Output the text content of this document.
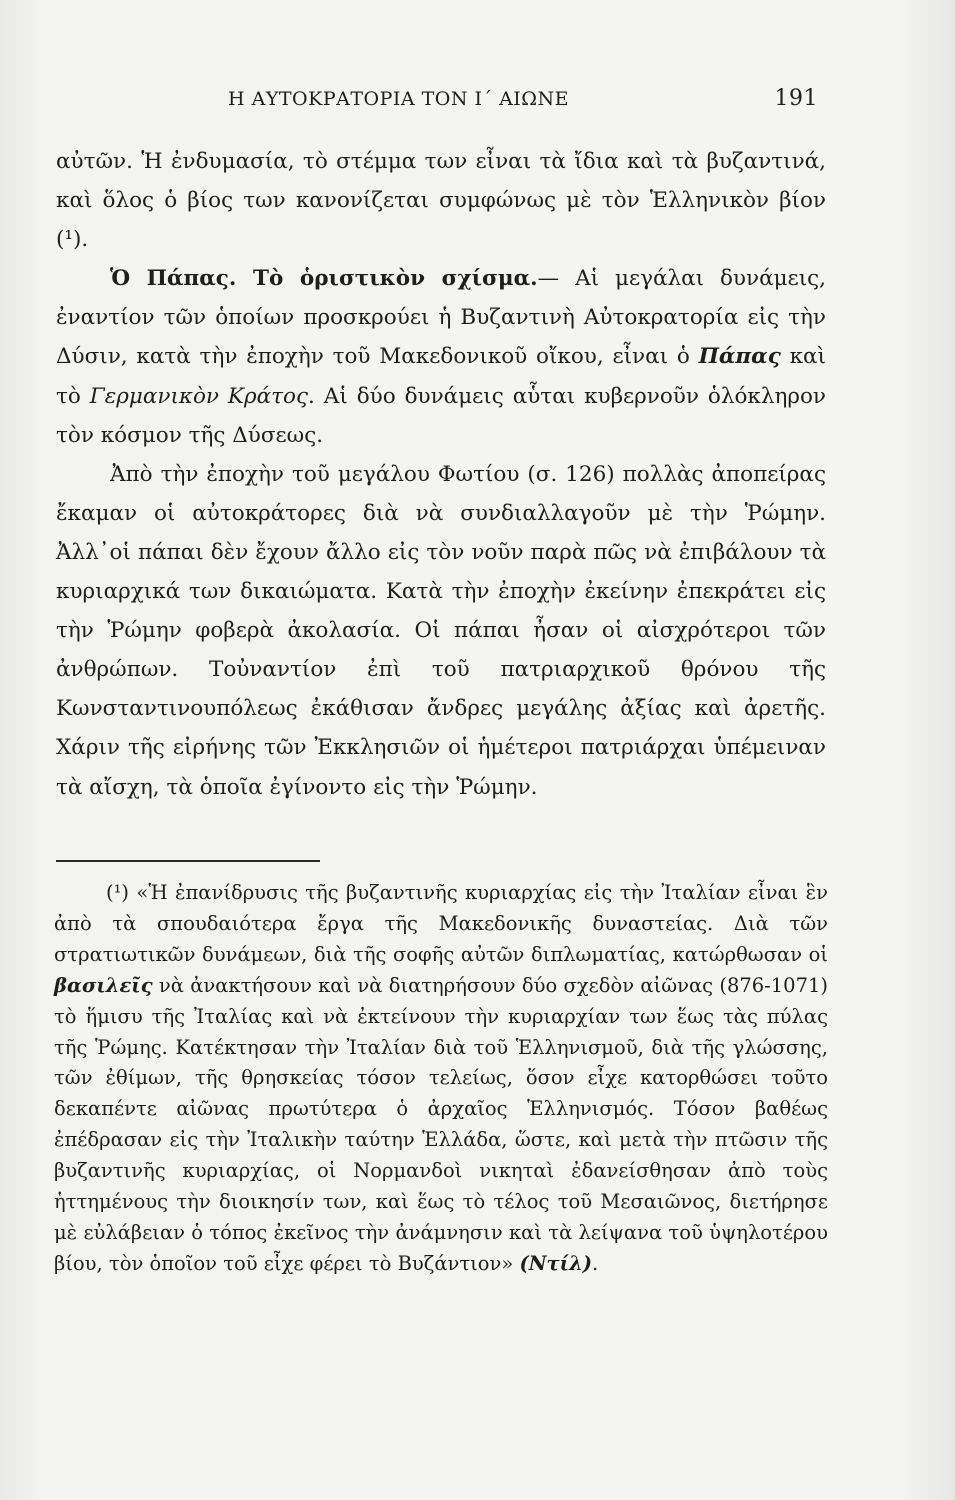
Η ΑΥΤΟΚΡΑΤΟΡΙΑ ΤΟΝ Ι΄ ΑΙΩΝΕ	191

αὐτῶν. Ἡ ἐνδυμασία, τὸ στέμμα των εἶναι τὰ ἴδια καὶ τὰ βυζαντινά, καὶ ὅλος ὁ βίος των κανονίζεται συμφώνως μὲ τὸν Ἑλληνικὸν βίον (¹).

Ὁ Πάπας. Τὸ ὁριστικὸν σχίσμα.— Αἱ μεγάλαι δυνάμεις, ἐναντίον τῶν ὁποίων προσκρούει ἡ Βυζαντινὴ Αὐτοκρατορία εἰς τὴν Δύσιν, κατὰ τὴν ἐποχὴν τοῦ Μακεδονικοῦ οἴκου, εἶναι ὁ Πάπας καὶ τὸ Γερμανικὸν Κράτος. Αἱ δύο δυνάμεις αὗται κυβερνοῦν ὁλόκληρον τὸν κόσμον τῆς Δύσεως.

Ἀπὸ τὴν ἐποχὴν τοῦ μεγάλου Φωτίου (σ. 126) πολλὰς ἀποπείρας ἔκαμαν οἱ αὐτοκράτορες διὰ νὰ συνδιαλλαγοῦν μὲ τὴν Ῥώμην. Ἀλλ᾽οἱ πάπαι δὲν ἔχουν ἄλλο εἰς τὸν νοῦν παρὰ πῶς νὰ ἐπιβάλουν τὰ κυριαρχικά των δικαιώματα. Κατὰ τὴν ἐποχὴν ἐκείνην ἐπεκράτει εἰς τὴν Ῥώμην φοβερὰ ἀκολασία. Οἱ πάπαι ἦσαν οἱ αἰσχρότεροι τῶν ἀνθρώπων. Τοὐναντίον ἐπὶ τοῦ πατριαρχικοῦ θρόνου τῆς Κωνσταντινουπόλεως ἐκάθισαν ἄνδρες μεγάλης ἀξίας καὶ ἀρετῆς. Χάριν τῆς εἰρήνης τῶν Ἐκκλησιῶν οἱ ἡμέτεροι πατριάρχαι ὑπέμειναν τὰ αἴσχη, τὰ ὁποῖα ἐγίνοντο εἰς τὴν Ῥώμην.

(¹) «Ἡ ἐπανίδρυσις τῆς βυζαντινῆς κυριαρχίας εἰς τὴν Ἰταλίαν εἶναι ἓν ἀπὸ τὰ σπουδαιότερα ἔργα τῆς Μακεδονικῆς δυναστείας. Διὰ τῶν στρατιωτικῶν δυνάμεων, διὰ τῆς σοφῆς αὐτῶν διπλωματίας, κατώρθωσαν οἱ βασιλεῖς νὰ ἀνακτήσουν καὶ νὰ διατηρήσουν δύο σχεδὸν αἰῶνας (876-1071) τὸ ἥμισυ τῆς Ἰταλίας καὶ νὰ ἐκτείνουν τὴν κυριαρχίαν των ἕως τὰς πύλας τῆς Ῥώμης. Κατέκτησαν τὴν Ἰταλίαν διὰ τοῦ Ἑλληνισμοῦ, διὰ τῆς γλώσσης, τῶν ἐθίμων, τῆς θρησκείας τόσον τελείως, ὅσον εἶχε κατορθώσει τοῦτο δεκαπέντε αἰῶνας πρωτύτερα ὁ ἀρχαῖος Ἑλληνισμός. Τόσον βαθέως ἐπέδρασαν εἰς τὴν Ἰταλικὴν ταύτην Ἑλλάδα, ὥστε, καὶ μετὰ τὴν πτῶσιν τῆς βυζαντινῆς κυριαρχίας, οἱ Νορμανδοὶ νικηταὶ ἐδανείσθησαν ἀπὸ τοὺς ἡττημένους τὴν διοικησίν των, καὶ ἕως τὸ τέλος τοῦ Μεσαιῶνος, διετήρησε μὲ εὐλάβειαν ὁ τόπος ἐκεῖνος τὴν ἀνάμνησιν καὶ τὰ λείψανα τοῦ ὑψηλοτέρου βίου, τὸν ὁποῖον τοῦ εἶχε φέρει τὸ Βυζάντιον» (Ντίλ).
